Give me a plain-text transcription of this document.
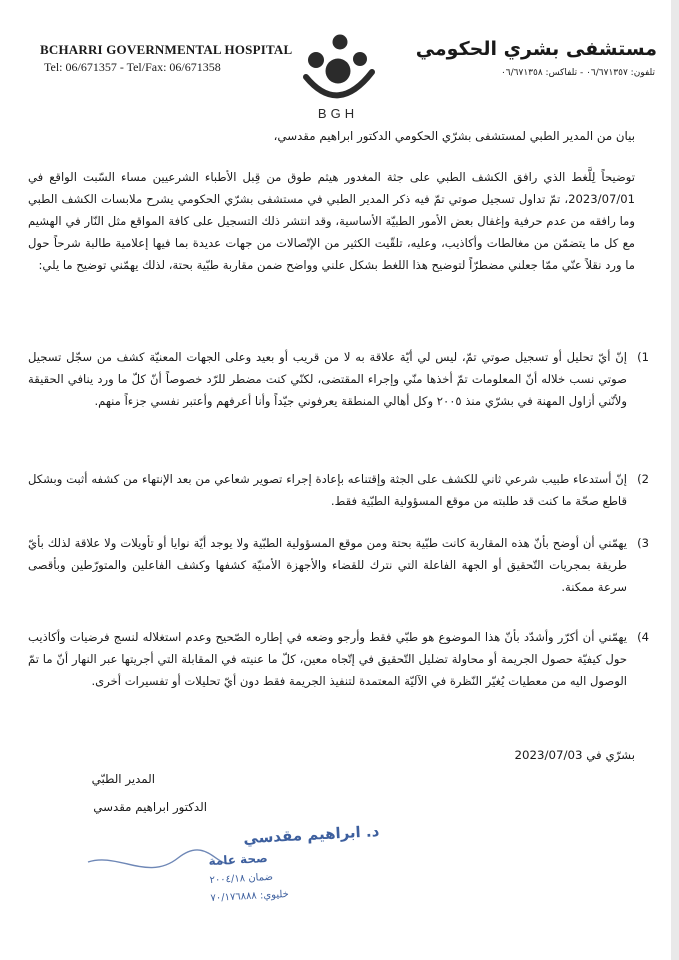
BCHARRI GOVERNMENTAL HOSPITAL
Tel: 06/671357 - Tel/Fax: 06/671358
BGH
مستشفى بشري الحكومي
تلفون: ٠٦/٦٧١٣٥٧ - تلفاكس: ٠٦/٦٧١٣٥٨
بيان من المدير الطبي لمستشفى بشرّي الحكومي الدكتور ابراهيم مقدسي،

توضيحاً لِلَّغط الذي رافق الكشف الطبي على جثة المغدور هيثم طوق من قِبل الأطباء الشرعيين مساء السّبت الواقع في 2023/07/01، تمّ تداول تسجيل صوتي تمّ فيه ذكر المدير الطبي في مستشفى بشرّي الحكومي يشرح ملابسات الكشف الطبي وما رافقه من عدم حرفية وإغفال بعض الأمور الطبيّة الأساسية، وقد انتشر ذلك التسجيل على كافة المواقع مثل النّار في الهشيم مع كل ما يتضمّن من مغالطات وأكاذيب، وعليه، تلقّيت الكثير من الإتّصالات من جهات عديدة بما فيها إعلامية طالبة شرحاً حول ما ورد نقلاً عنّي ممّا جعلني مضطرّاً لتوضيح هذا اللغط بشكل علني وواضح ضمن مقاربة طبّية بحتة، لذلك يهمّني توضيح ما يلي:

1)
إنّ أيّ تحليل أو تسجيل صوتي تمّ، ليس لي أيّة علاقة به لا من قريب أو بعيد وعلى الجهات المعنيّة كشف من سجّل تسجيل صوتي نسب خلاله أنّ المعلومات تمّ أخذها منّي وإجراء المقتضى، لكنّي كنت مضطر للرّد خصوصاً أنّ كلّ ما ورد ينافي الحقيقة ولأنّني أزاول المهنة في بشرّي منذ ٢٠٠٥ وكل أهالي المنطقة يعرفوني جيّداً وأنا أعرفهم وأعتبر نفسي جزءاً منهم.
2)
إنّ أستدعاء طبيب شرعي ثاني للكشف على الجثة وإقتناعه بإعادة إجراء تصوير شعاعي من بعد الإنتهاء من كشفه أثبت وبشكل قاطع صحّة ما كنت قد طلبته من موقع المسؤولية الطبّية فقط.
3)
يهمّني أن أوضح بأنّ هذه المقاربة كانت طبّية بحتة ومن موقع المسؤولية الطبّية ولا يوجد أيّة نوايا أو تأويلات ولا علاقة لذلك بأيّ طريقة بمجريات التّحقيق أو الجهة الفاعلة التي نترك للقضاء والأجهزة الأمنيّة كشفها وكشف الفاعلين والمتورّطين وبأقصى سرعة ممكنة.
4)
يهمّني أن أكرّر وأشدّد بأنّ هذا الموضوع هو طبّي فقط وأرجو وضعه في إطاره الصّحيح وعدم استغلاله لنسج فرضيات وأكاذيب حول كيفيّة حصول الجريمة أو محاولة تضليل التّحقيق في إتّجاه معين، كلّ ما عنيته في المقابلة التي أجريتها عبر النهار أنّ ما تمّ الوصول اليه من معطيات يُغيّر النّظرة في الآليّة المعتمدة لتنفيذ الجريمة فقط دون أيّ تحليلات أو تفسيرات أخرى.
بشرّي في 2023/07/03
المدير الطبّي
الدكتور ابراهيم مقدسي
د. ابراهيم مقدسي
صحة عامة
ضمان ٢٠٠٤/١٨
خليوي: ٧٠/١٧٦٨٨٨
